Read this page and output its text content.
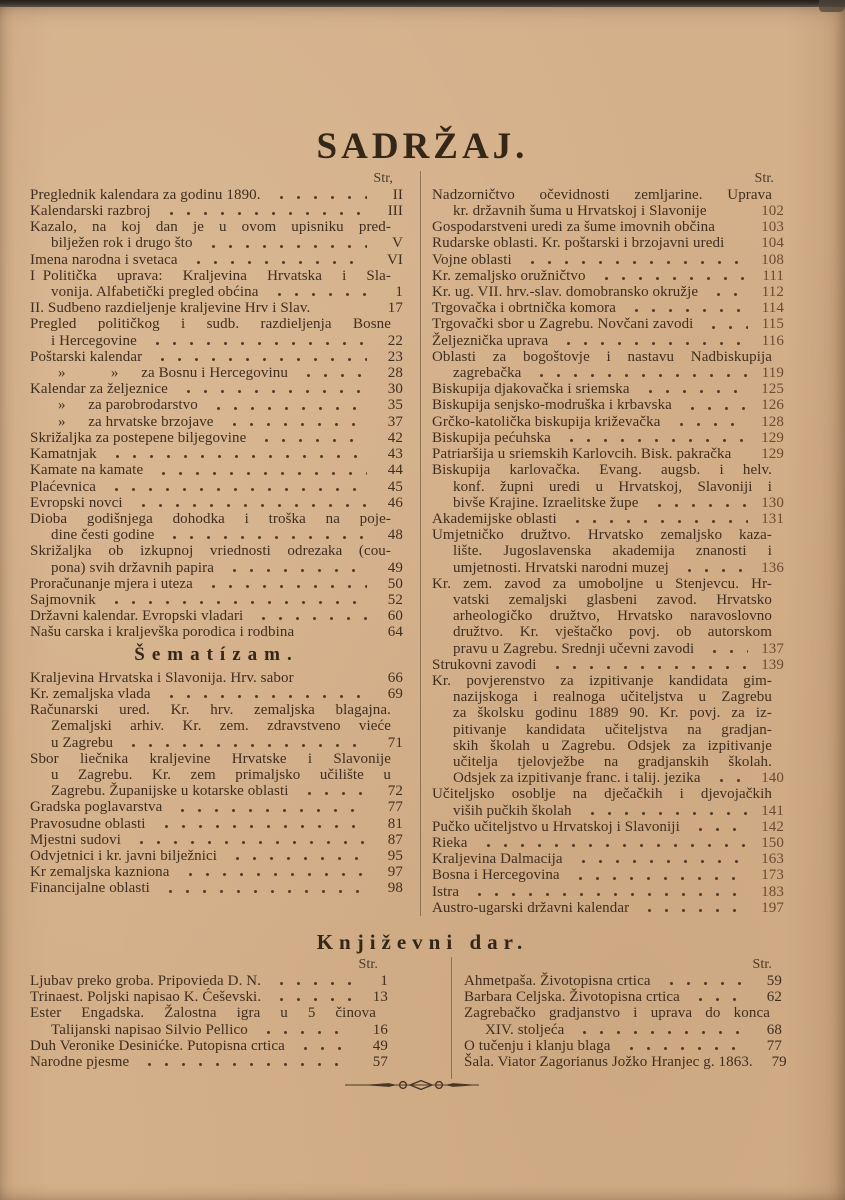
SADRŽAJ.
Str,
Preglednik kalendara za godinu 1890.	II
Kalendarski razbroj	III
Kazalo, na koj dan je u ovom upisniku pred-
bilježen rok i drugo što	V
Imena narodna i svetaca	VI
I Politička uprava: Kraljevina Hrvatska i Sla-
vonija. Alfabetički pregled obćina	1
II. Sudbeno razdieljenje kraljevine Hrv i Slav.	17
Pregled političkog i sudb. razdieljenja Bosne
i Hercegovine	22
Poštarski kalendar	23
»   »  za Bosnu i Hercegovinu	28
Kalendar za željeznice	30
»  za parobrodarstvo	35
»  za hrvatske brzojave	37
Skrižaljka za postepene biljegovine	42
Kamatnjak	43
Kamate na kamate	44
Plaćevnica	45
Evropski novci	46
Dioba godišnjega dohodka i troška na poje-
dine česti godine	48
Skrižaljka ob izkupnoj vriednosti odrezaka (cou-
pona) svih državnih papira	49
Proračunanje mjera i uteza	50
Sajmovnik	52
Državni kalendar. Evropski vladari	60
Našu carska i kraljevška porodica i rodbina	64
Šematízam.
Kraljevina Hrvatska i Slavonija. Hrv. sabor	66
Kr. zemaljska vlada	69
Računarski ured. Kr. hrv. zemaljska blagajna.
Zemaljski arhiv. Kr. zem. zdravstveno vieće
u Zagrebu	71
Sbor liečnika kraljevine Hrvatske i Slavonije
u Zagrebu. Kr. zem primaljsko učilište u
Zagrebu. Županijske u kotarske oblasti	72
Gradska poglavarstva	77
Pravosudne oblasti	81
Mjestni sudovi	87
Odvjetnici i kr. javni bilježnici	95
Kr zemaljska kazniona	97
Financijalne oblasti	98
Str.
Nadzorničtvo očevidnosti zemljarine. Uprava
kr. državnih šuma u Hrvatskoj i Slavonije	102
Gospodarstveni uredi za šume imovnih občina	103
Rudarske oblasti. Kr. poštarski i brzojavni uredi	104
Vojne oblasti	108
Kr. zemaljsko oružničtvo	111
Kr. ug. VII. hrv.-slav. domobransko okružje	112
Trgovačka i obrtnička komora	114
Trgovački sbor u Zagrebu. Novčani zavodi	115
Željeznička uprava	116
Oblasti za bogoštovje i nastavu Nadbiskupija
zagrebačka	119
Biskupija djakovačka i sriemska	125
Biskupija senjsko-modruška i krbavska	126
Grčko-katolička biskupija križevačka	128
Biskupija pećuhska	129
Patriaršija u sriemskih Karlovcih. Bisk. pakračka	129
Biskupija karlovačka. Evang. augsb. i helv.
konf. župni uredi u Hrvatskoj, Slavoniji i
bivše Krajine. Izraelitske župe	130
Akademijske oblasti	131
Umjetničko družtvo. Hrvatsko zemaljsko kaza-
lište. Jugoslavenska akademija znanosti i
umjetnosti. Hrvatski narodni muzej	136
Kr. zem. zavod za umoboljne u Stenjevcu. Hr-
vatski zemaljski glasbeni zavod. Hrvatsko
arheologičko družtvo, Hrvatsko naravoslovno
družtvo. Kr. vještačko povj. ob autorskom
pravu u Zagrebu. Srednji učevni zavodi	137
Strukovni zavodi	139
Kr. povjerenstvo za izpitivanje kandidata gim-
nazijskoga i realnoga učiteljstva u Zagrebu
za školsku godinu 1889 90. Kr. povj. za iz-
pitivanje kandidata učiteljstva na gradjan-
skih školah u Zagrebu. Odsjek za izpitivanje
učitelja tjelovježbe na gradjanskih školah.
Odsjek za izpitivanje franc. i talij. jezika	140
Učiteljsko osoblje na dječačkih i djevojačkih
viših pučkih školah	141
Pučko učiteljstvo u Hrvatskoj i Slavoniji	142
Rieka	150
Kraljevina Dalmacija	163
Bosna i Hercegovina	173
Istra	183
Austro-ugarski državni kalendar	197
Književni dar.
Str.
Ljubav preko groba. Pripovieda D. N.	1
Trinaest. Poljski napisao K. Ćeševski.	13
Ester Engadska. Žalostna igra u 5 činova
Talijanski napisao Silvio Pellico	16
Duh Veronike Desinićke. Putopisna crtica	49
Narodne pjesme	57
Str.
Ahmetpaša. Životopisna crtica	59
Barbara Celjska. Životopisna crtica	62
Zagrebačko gradjanstvo i uprava do konca
XIV. stoljeća	68
O tučenju i klanju blaga	77
Šala. Viator Zagorianus Jožko Hranjec g. 1863.	79
